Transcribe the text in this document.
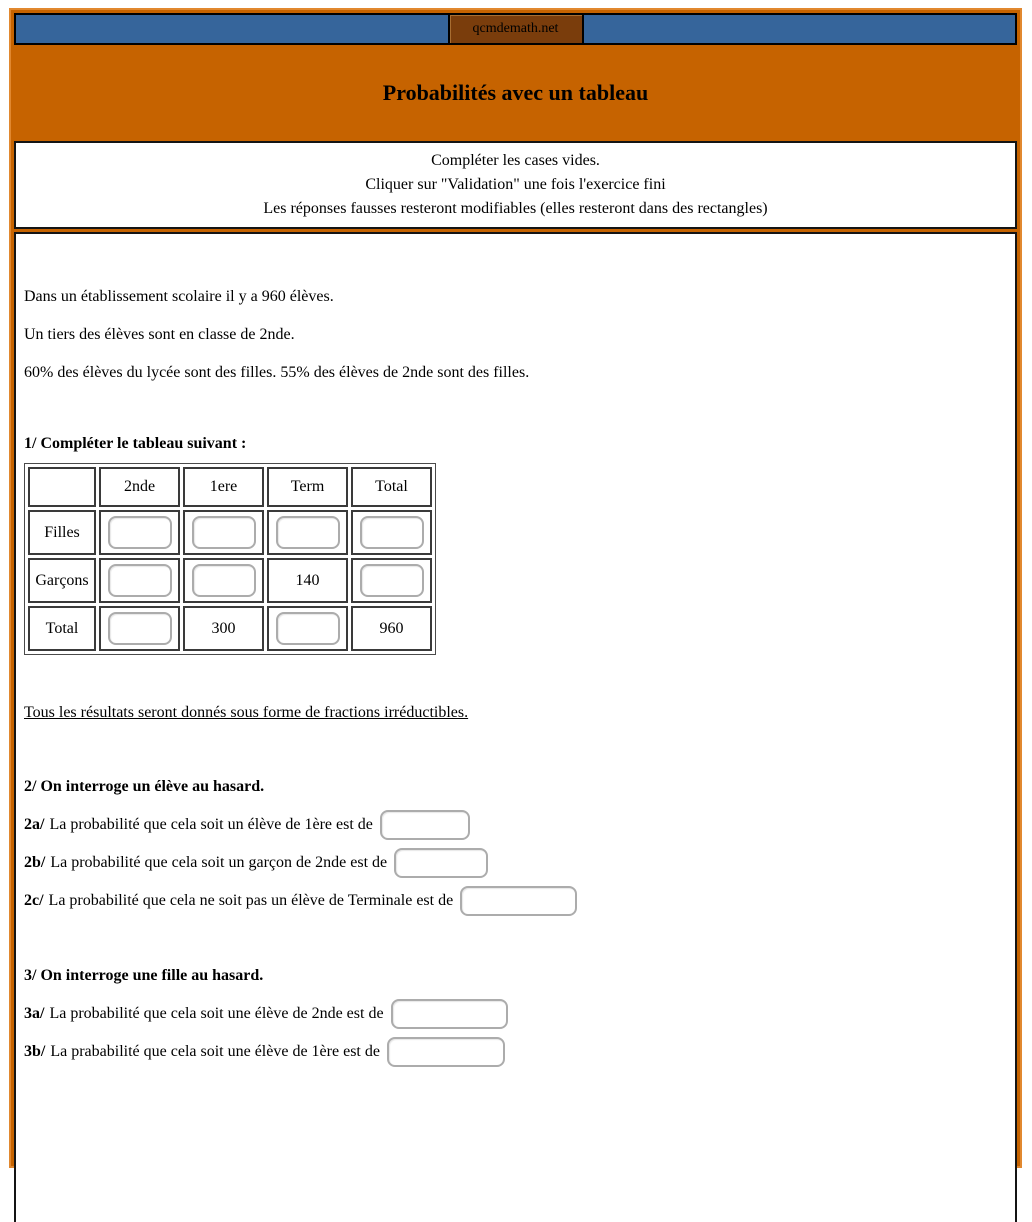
qcmdemath.net
Probabilités avec un tableau
Compléter les cases vides.
Cliquer sur "Validation" une fois l'exercice fini
Les réponses fausses resteront modifiables (elles resteront dans des rectangles)

Dans un établissement scolaire il y a 960 élèves.

Un tiers des élèves sont en classe de 2nde.

60% des élèves du lycée sont des filles. 55% des élèves de 2nde sont des filles.

1/ Compléter le tableau suivant :

	2nde	1ere	Term	Total
Filles	

Garçons			140	

Total		300		960

Tous les résultats seront donnés sous forme de fractions irréductibles.

2/ On interroge un élève au hasard.

2a/ La probabilité que cela soit un élève de 1ère est de
2b/ La probabilité que cela soit un garçon de 2nde est de
2c/ La probabilité que cela ne soit pas un élève de Terminale est de

3/ On interroge une fille au hasard.

3a/ La probabilité que cela soit une élève de 2nde est de
3b/ La prababilité que cela soit une élève de 1ère est de
